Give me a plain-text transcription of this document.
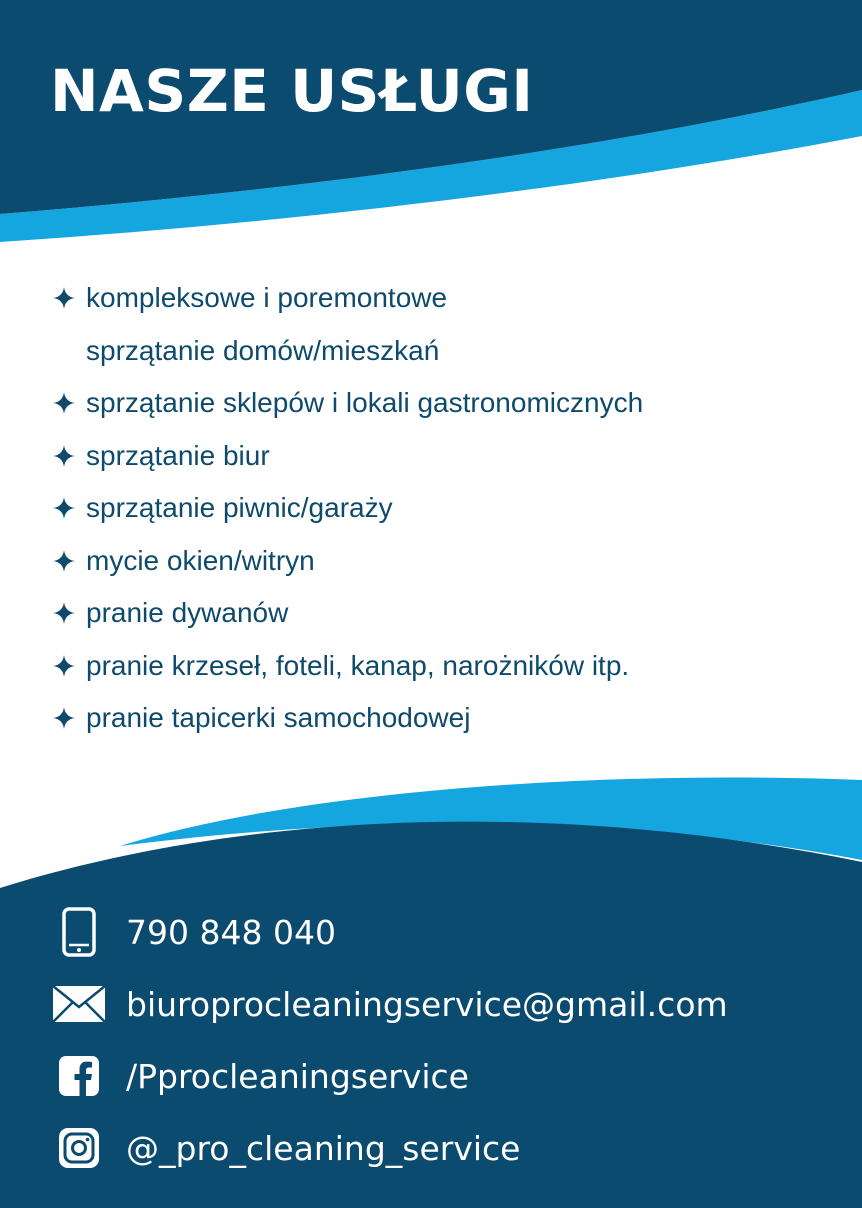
NASZE USŁUGI
kompleksowe i poremontowe
sprzątanie domów/mieszkań
sprzątanie sklepów i lokali gastronomicznych
sprzątanie biur
sprzątanie piwnic/garaży
mycie okien/witryn
pranie dywanów
pranie krzeseł, foteli, kanap, narożników itp.
pranie tapicerki samochodowej
790 848 040
biuroprocleaningservice@gmail.com
/Pprocleaningservice
@_pro_cleaning_service
